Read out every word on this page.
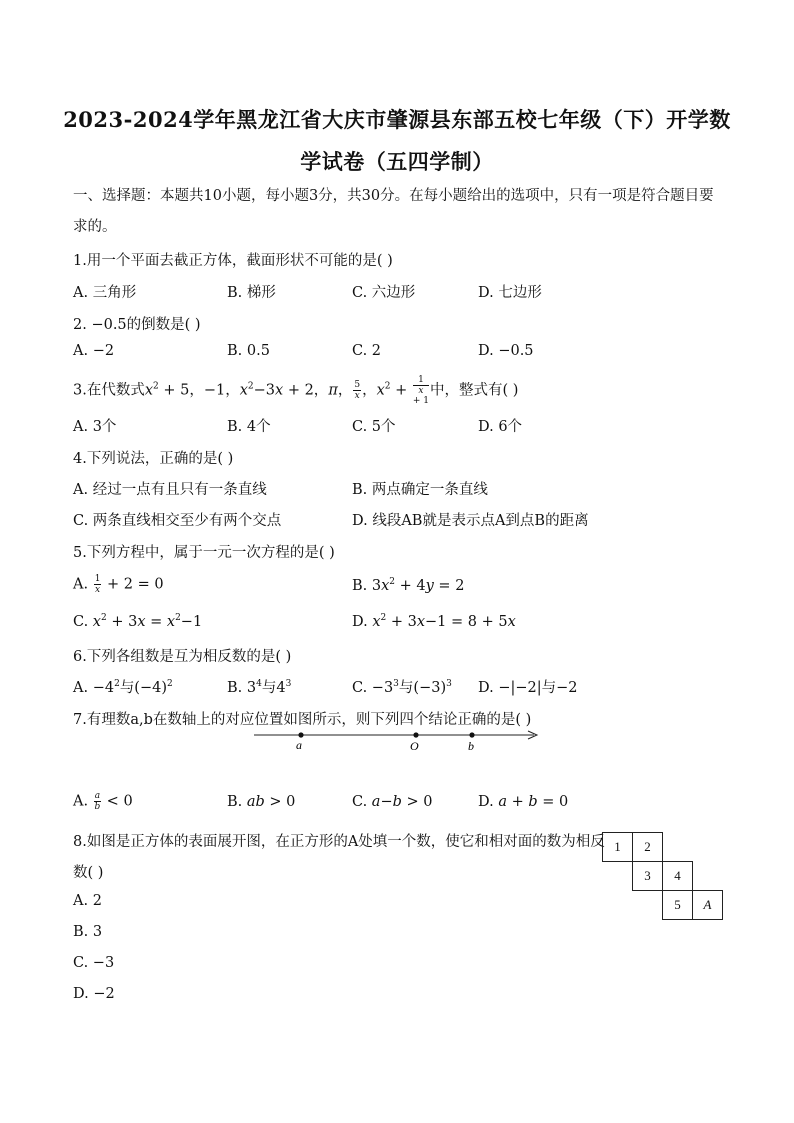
2023-2024学年黑龙江省大庆市肇源县东部五校七年级（下）开学数
学试卷（五四学制）
一、选择题：本题共10小题，每小题3分，共30分。在每小题给出的选项中，只有一项是符合题目要求的。
1.用一个平面去截正方体，截面形状不可能的是( )
A. 三角形	B. 梯形	C. 六边形	D. 七边形
2. −0.5的倒数是( )
A. −2	B. 0.5	C. 2	D. −0.5
3.在代数式$x^2 + 5$，−1，$x^2-3x + 2$，π， $\frac{5}{x}$ ，$x^2 + 1$
x
+ 1 中，整式有( )
A. 3个	B. 4个	C. 5个	D. 6个
4.下列说法，正确的是( )
A. 经过一点有且只有一条直线	B. 两点确定一条直线
C. 两条直线相交至少有两个交点	D. 线段AB就是表示点A到点B的距离
5.下列方程中，属于一元一次方程的是( )
A. $\frac{1}{x} + 2 = 0$	B. $3x^2 + 4y = 2$
C. $x^2 + 3x = x^2-1$	D. $x^2 + 3x-1 = 8 + 5x$
6.下列各组数是互为相反数的是( )
A. $-4^2$与$(-4)^2$	B. $3^4$与$4^3$	C. $-3^3$与$(-3)^3$ D. −|−2|与−2
7.有理数a,b在数轴上的对应位置如图所示，则下列四个结论正确的是( )
a	O	b
A. $\frac{a}{b} < 0$	B. ab > 0	C. a−b > 0	D. a + b = 0
8.如图是正方体的表面展开图，在正方形的A处填一个数，使它和相对面的数为相反
数( )
A. 2
B. 3
C. −3
D. −2
1	2
3	4
5	A
